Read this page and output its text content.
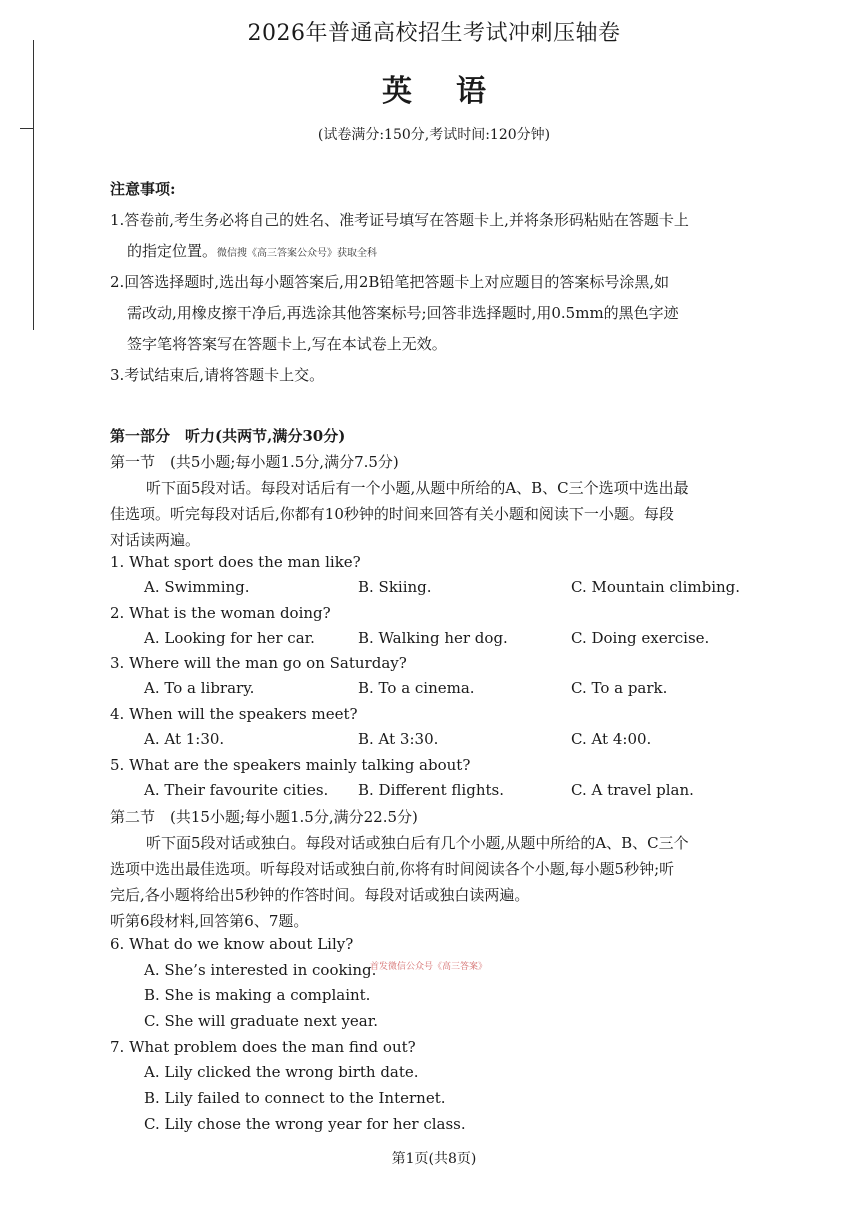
2026年普通高校招生考试冲刺压轴卷
英语
(试卷满分:150分,考试时间:120分钟)
注意事项:
1.答卷前,考生务必将自己的姓名、准考证号填写在答题卡上,并将条形码粘贴在答题卡上
的指定位置。微信搜《高三答案公众号》获取全科
2.回答选择题时,选出每小题答案后,用2B铅笔把答题卡上对应题目的答案标号涂黑,如
需改动,用橡皮擦干净后,再选涂其他答案标号;回答非选择题时,用0.5mm的黑色字迹
签字笔将答案写在答题卡上,写在本试卷上无效。
3.考试结束后,请将答题卡上交。
第一部分　听力(共两节,满分30分)
第一节　(共5小题;每小题1.5分,满分7.5分)
听下面5段对话。每段对话后有一个小题,从题中所给的A、B、C三个选项中选出最
佳选项。听完每段对话后,你都有10秒钟的时间来回答有关小题和阅读下一小题。每段
对话读两遍。
1. What sport does the man like?
A. Swimming.	B. Skiing.	C. Mountain climbing.
2. What is the woman doing?
A. Looking for her car.	B. Walking her dog.	C. Doing exercise.
3. Where will the man go on Saturday?
A. To a library.	B. To a cinema.	C. To a park.
4. When will the speakers meet?
A. At 1:30.	B. At 3:30.	C. At 4:00.
5. What are the speakers mainly talking about?
A. Their favourite cities. B. Different flights.	C. A travel plan.
第二节　(共15小题;每小题1.5分,满分22.5分)
听下面5段对话或独白。每段对话或独白后有几个小题,从题中所给的A、B、C三个
选项中选出最佳选项。听每段对话或独白前,你将有时间阅读各个小题,每小题5秒钟;听
完后,各小题将给出5秒钟的作答时间。每段对话或独白读两遍。
听第6段材料,回答第6、7题。
6. What do we know about Lily?
A. She’s interested in cooking.
首发微信公众号《高三答案》
B. She is making a complaint.
C. She will graduate next year.
7. What problem does the man find out?
A. Lily clicked the wrong birth date.
B. Lily failed to connect to the Internet.
C. Lily chose the wrong year for her class.
第1页(共8页)
